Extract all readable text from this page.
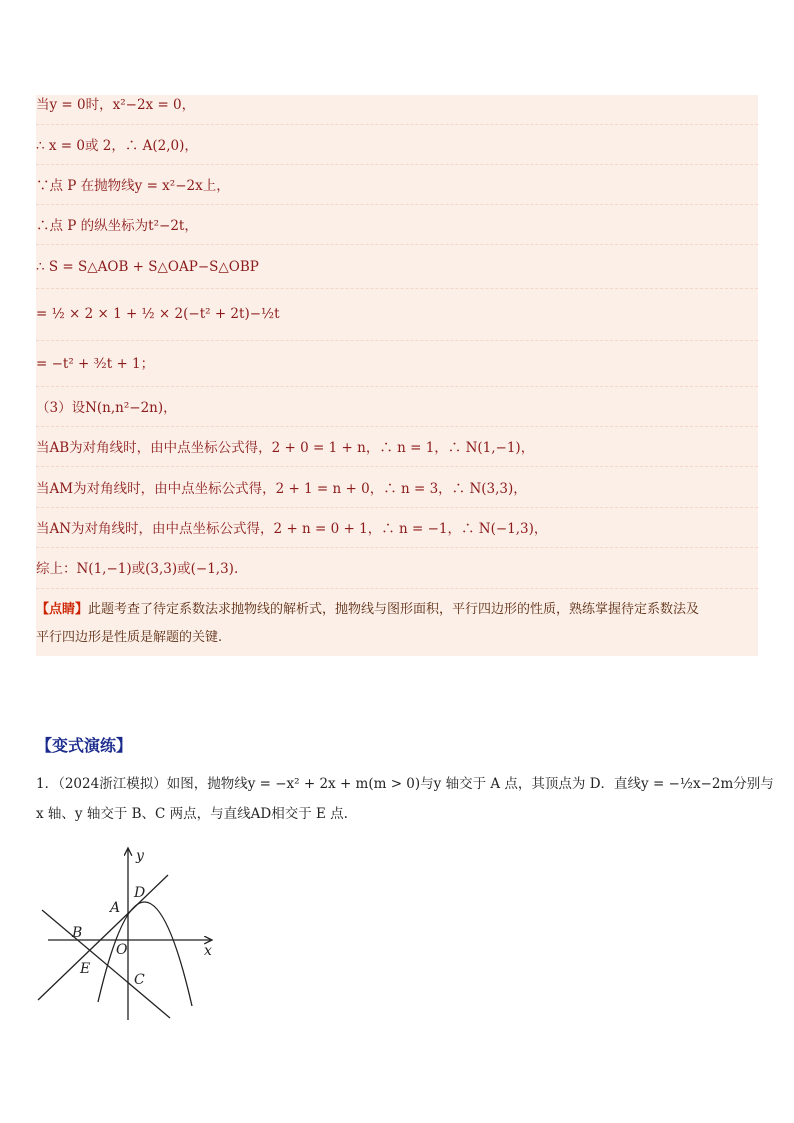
当y = 0时，x²−2x = 0，
∴ x = 0或 2，∴ A(2,0)，
∵点 P 在抛物线y = x²−2x上，
∴点 P 的纵坐标为t²−2t，
∴ S = S△AOB + S△OAP−S△OBP
= ½ × 2 × 1 + ½ × 2(−t² + 2t)−½t
= −t² + ³⁄₂t + 1；
（3）设N(n,n²−2n)，
当AB为对角线时，由中点坐标公式得，2 + 0 = 1 + n，∴ n = 1，∴ N(1,−1)，
当AM为对角线时，由中点坐标公式得，2 + 1 = n + 0，∴ n = 3，∴ N(3,3)，
当AN为对角线时，由中点坐标公式得，2 + n = 0 + 1，∴ n = −1，∴ N(−1,3)，
综上：N(1,−1)或(3,3)或(−1,3).
【点睛】此题考查了待定系数法求抛物线的解析式，抛物线与图形面积，平行四边形的性质，熟练掌握待定系数法及
平行四边形是性质是解题的关键.
【变式演练】
1．（2024浙江模拟）如图，抛物线y = −x² + 2x + m(m > 0)与y 轴交于 A 点，其顶点为 D．直线y = −½x−2m分别与
x 轴、y 轴交于 B、C 两点，与直线AD相交于 E 点.
y
x
D
A
B
O
E
C
